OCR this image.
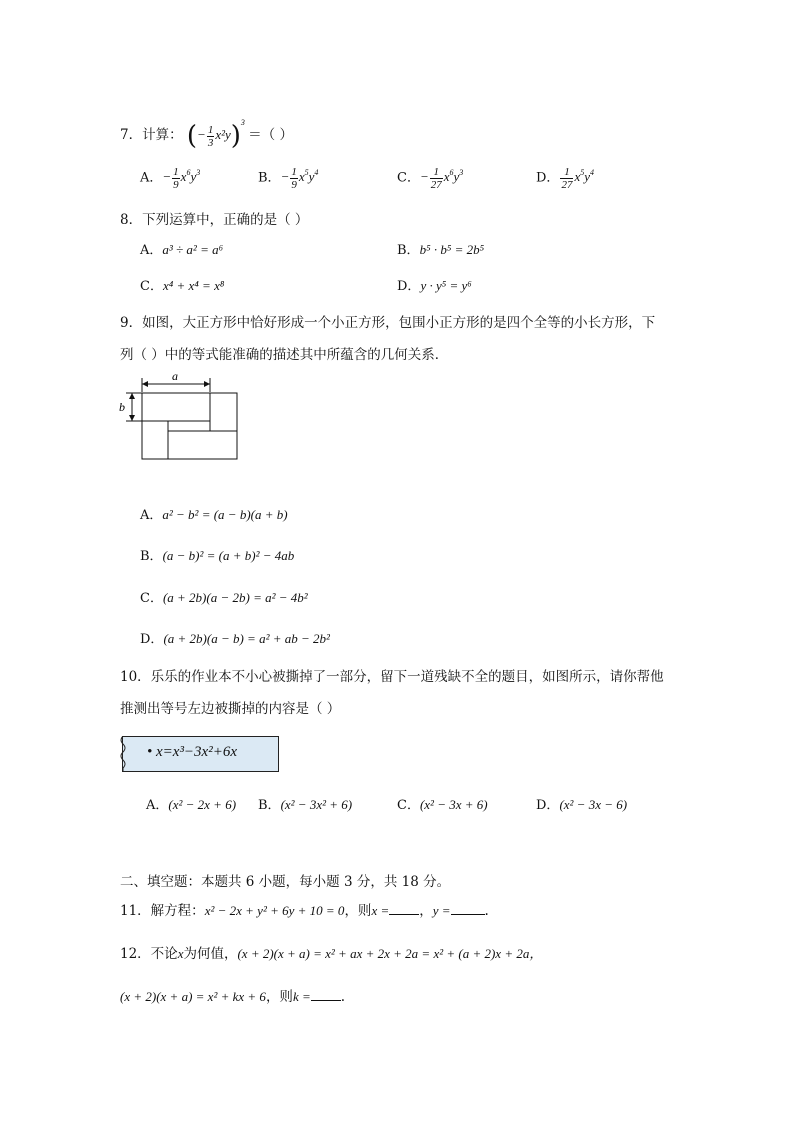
7．计算： (− $\frac{1}{3} x^2y)^3$ ＝（ ）
A．− $\frac{1}{9} x^6y^3$	B．− $\frac{1}{9} x^5y^4$	C．− $\frac{1}{27} x^6y^3$	D． $\frac{1}{27} x^5y^4$
8．下列运算中，正确的是（ ）
A．a³ ÷ a² = a⁶	B．b⁵ · b⁵ = 2b⁵
C．x⁴ + x⁴ = x⁸	D．y · y⁵ = y⁶
9．如图，大正方形中恰好形成一个小正方形，包围小正方形的是四个全等的小长方形，下
列（ ）中的等式能准确的描述其中所蕴含的几何关系．
a
b
A．a² − b² = (a − b)(a + b)
B．(a − b)² = (a + b)² − 4ab
C．(a + 2b)(a − 2b) = a² − 4b²
D．(a + 2b)(a − b) = a² + ab − 2b²
10．乐乐的作业本不小心被撕掉了一部分，留下一道残缺不全的题目，如图所示，请你帮他
推测出等号左边被撕掉的内容是（ ）
• x=x³−3x²+6x
A．(x² − 2x + 6) B．(x² − 3x² + 6)	C．(x² − 3x + 6)	D．(x² − 3x − 6)
二、填空题：本题共 6 小题，每小题 3 分，共 18 分。
11．解方程：x² − 2x + y² + 6y + 10 = 0，则x = ，y =	.
12．不论x为何值，(x + 2)(x + a) = x² + ax + 2x + 2a = x² + (a + 2)x + 2a，
(x + 2)(x + a) = x² + kx + 6，则k = .
